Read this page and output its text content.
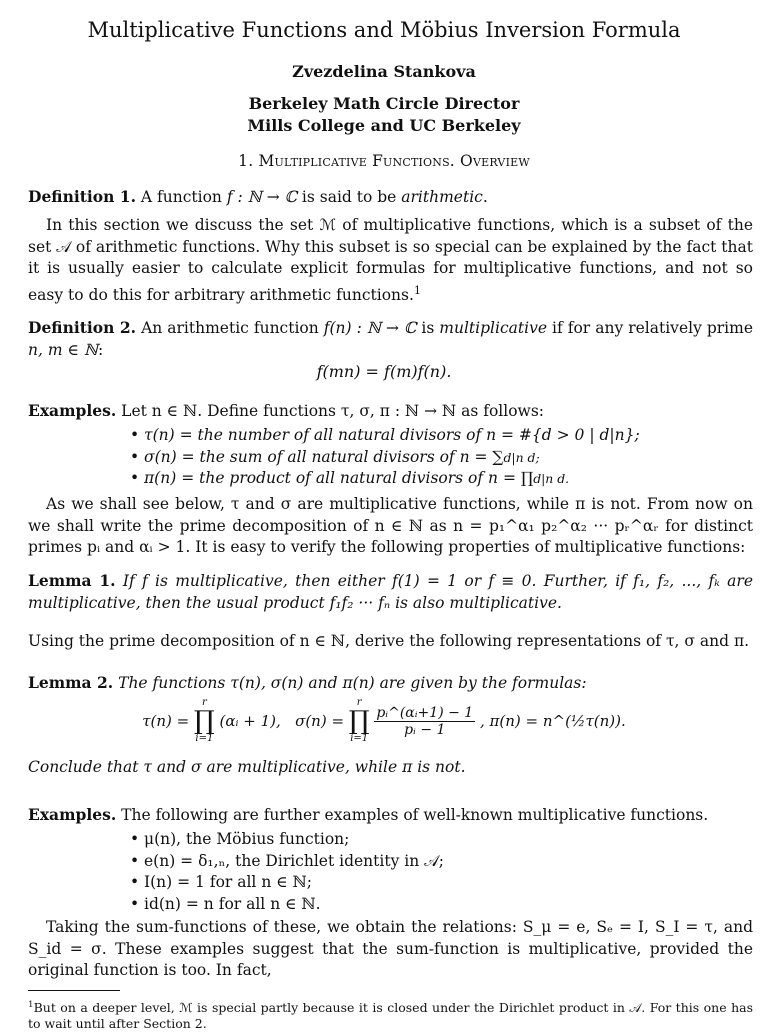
Multiplicative Functions and Möbius Inversion Formula
Zvezdelina Stankova
Berkeley Math Circle Director
Mills College and UC Berkeley
1. Multiplicative Functions. Overview
Definition 1. A function f : ℕ → ℂ is said to be arithmetic.
In this section we discuss the set ℳ of multiplicative functions, which is a subset of the set 𝒜 of arithmetic functions. Why this subset is so special can be explained by the fact that it is usually easier to calculate explicit formulas for multiplicative functions, and not so easy to do this for arbitrary arithmetic functions.$^1$
Definition 2. An arithmetic function f(n) : ℕ → ℂ is multiplicative if for any relatively prime n, m ∈ ℕ:
f(mn) = f(m)f(n).
Examples. Let n ∈ ℕ. Define functions τ, σ, π : ℕ → ℕ as follows:
• τ(n) = the number of all natural divisors of n = #{d > 0 | d|n};
• σ(n) = the sum of all natural divisors of n = ∑d|n d;
• π(n) = the product of all natural divisors of n = ∏d|n d.
As we shall see below, τ and σ are multiplicative functions, while π is not. From now on we shall write the prime decomposition of n ∈ ℕ as n = p₁^α₁ p₂^α₂ ··· pᵣ^αᵣ for distinct primes pᵢ and αᵢ > 1. It is easy to verify the following properties of multiplicative functions:
Lemma 1. If f is multiplicative, then either f(1) = 1 or f ≡ 0. Further, if f₁, f₂, ..., fₖ are multiplicative, then the usual product f₁f₂ ··· fₙ is also multiplicative.
Using the prime decomposition of n ∈ ℕ, derive the following representations of τ, σ and π.
Lemma 2. The functions τ(n), σ(n) and π(n) are given by the formulas:
τ(n) =
r
∏
i=1
(αᵢ + 1), σ(n) =
r
∏
i=1

$\frac{\text{pᵢ\textasciicircum{}(αᵢ+1) − 1}}{\text{pᵢ − 1}}$ , π(n) = n^(½τ(n)).
Conclude that τ and σ are multiplicative, while π is not.
Examples. The following are further examples of well-known multiplicative functions.
• μ(n), the Möbius function;
• e(n) = δ₁,ₙ, the Dirichlet identity in 𝒜;
• I(n) = 1 for all n ∈ ℕ;
• id(n) = n for all n ∈ ℕ.
Taking the sum-functions of these, we obtain the relations: S_μ = e, Sₑ = I, S_I = τ, and S_id = σ. These examples suggest that the sum-function is multiplicative, provided the original function is too. In fact,
$^1$But on a deeper level, ℳ is special partly because it is closed under the Dirichlet product in 𝒜. For this one has to wait until after Section 2.
